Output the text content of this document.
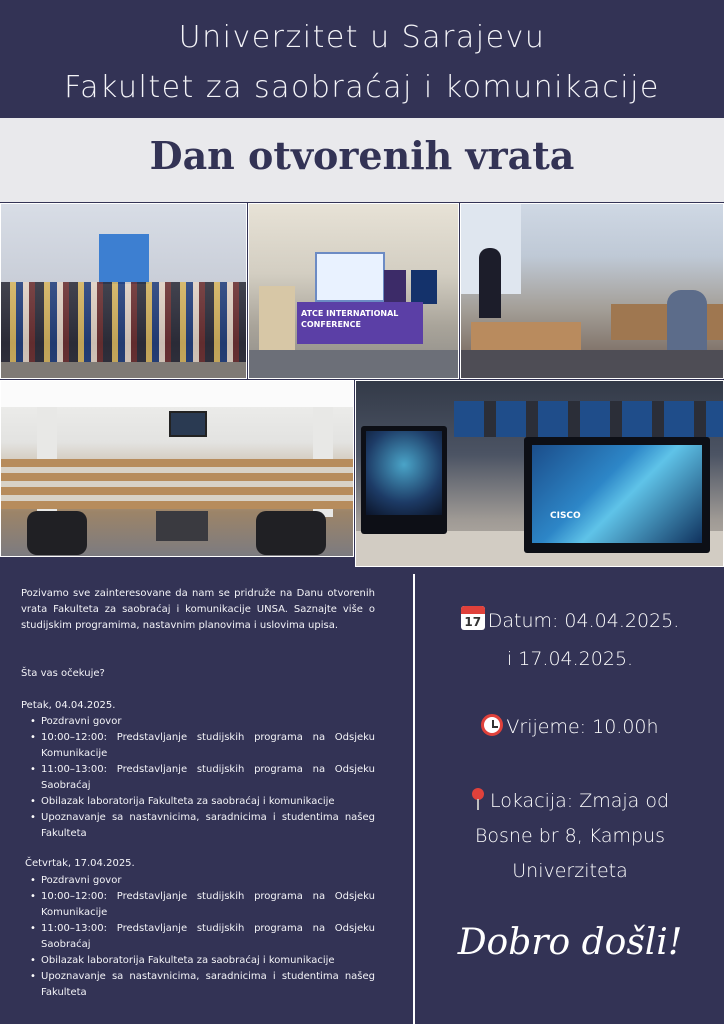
Univerzitet u Sarajevu
Fakultet za saobraćaj i komunikacije
Dan otvorenih vrata
ATCE INTERNATIONAL CONFERENCE
CISCO
Pozivamo sve zainteresovane da nam se pridruže na Danu otvorenih vrata Fakulteta za saobraćaj i komunikacije UNSA. Saznajte više o studijskim programima, nastavnim planovima i uslovima upisa.
Šta vas očekuje?
Petak, 04.04.2025.
• Pozdravni govor
• 10:00–12:00: Predstavljanje studijskih programa na Odsjeku Komunikacije
• 11:00–13:00: Predstavljanje studijskih programa na Odsjeku Saobraćaj
• Obilazak laboratorija Fakulteta za saobraćaj i komunikacije
• Upoznavanje sa nastavnicima, saradnicima i studentima našeg Fakulteta
Četvrtak, 17.04.2025.
• Pozdravni govor
• 10:00–12:00: Predstavljanje studijskih programa na Odsjeku Komunikacije
• 11:00–13:00: Predstavljanje studijskih programa na Odsjeku Saobraćaj
• Obilazak laboratorija Fakulteta za saobraćaj i komunikacije
• Upoznavanje sa nastavnicima, saradnicima i studentima našeg Fakulteta
17 Datum: 04.04.2025.
i 17.04.2025.
Vrijeme: 10.00h
Lokacija: Zmaja od
Bosne br 8, Kampus
Univerziteta
Dobro došli!
